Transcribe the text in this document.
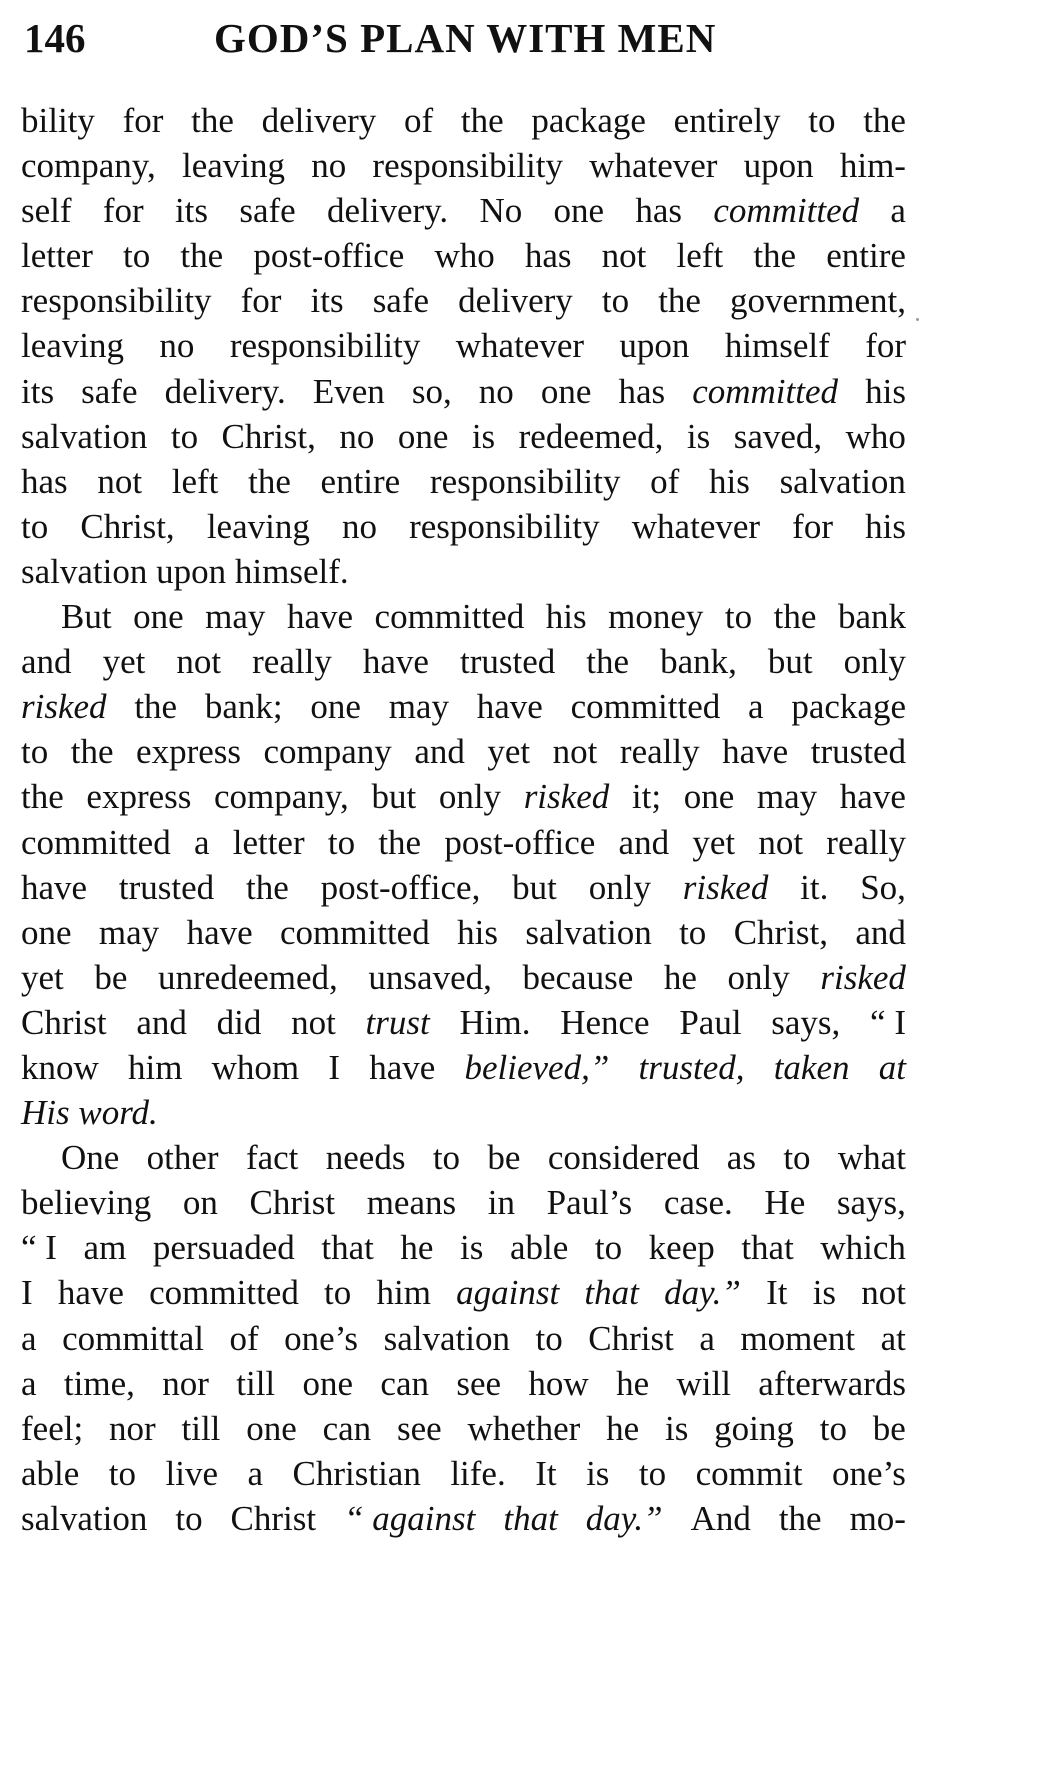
146	GOD’S PLAN WITH MEN
bility for the delivery of the package entirely to the
company, leaving no responsibility whatever upon him-
self for its safe delivery. No one has committed a
letter to the post-office who has not left the entire
responsibility for its safe delivery to the government,
leaving no responsibility whatever upon himself for
its safe delivery. Even so, no one has committed his
salvation to Christ, no one is redeemed, is saved, who
has not left the entire responsibility of his salvation
to Christ, leaving no responsibility whatever for his
salvation upon himself.
But one may have committed his money to the bank
and yet not really have trusted the bank, but only
risked the bank; one may have committed a package
to the express company and yet not really have trusted
the express company, but only risked it; one may have
committed a letter to the post-office and yet not really
have trusted the post-office, but only risked it. So,
one may have committed his salvation to Christ, and
yet be unredeemed, unsaved, because he only risked
Christ and did not trust Him. Hence Paul says, “ I
know him whom I have believed,” trusted, taken at
His word.
One other fact needs to be considered as to what
believing on Christ means in Paul’s case. He says,
“ I am persuaded that he is able to keep that which
I have committed to him against that day.” It is not
a committal of one’s salvation to Christ a moment at
a time, nor till one can see how he will afterwards
feel; nor till one can see whether he is going to be
able to live a Christian life. It is to commit one’s
salvation to Christ “ against that day.” And the mo-
